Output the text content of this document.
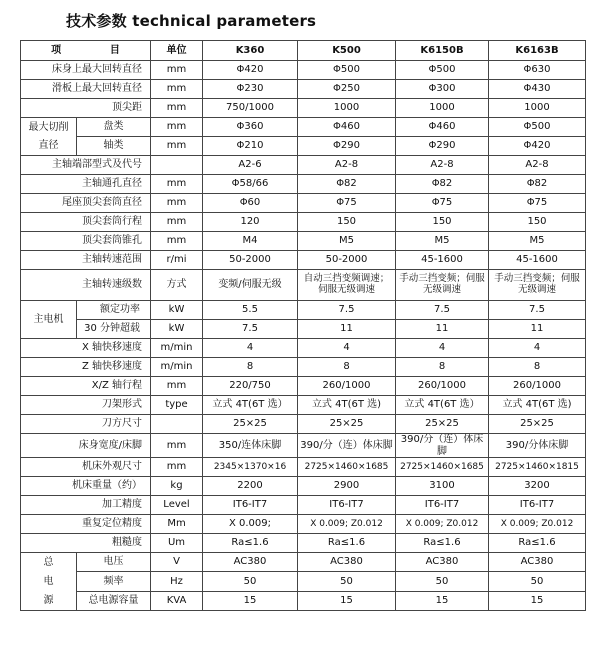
技术参数 technical parameters
项 目		单位	K360	K500	K6150B	K6163B
床身上最大回转直径		mm	Φ420	Φ500	Φ500	Φ630
滑板上最大回转直径		mm	Φ230	Φ250	Φ300	Φ430
顶尖距		mm	750/1000	1000	1000	1000
最大切削	盘类	mm	Φ360	Φ460	Φ460	Φ500
直径	轴类	mm	Φ210	Φ290	Φ290	Φ420
主轴端部型式及代号			A2-6	A2-8	A2-8	A2-8
主轴通孔直径		mm	Φ58/66	Φ82	Φ82	Φ82
尾座顶尖套筒直径		mm	Φ60	Φ75	Φ75	Φ75
顶尖套筒行程		mm	120	150	150	150
顶尖套筒锥孔		mm	M4	M5	M5	M5
主轴转速范围		r/mi	50-2000	50-2000	45-1600	45-1600
主轴转速级数		方式	变频/伺服无级	自动三挡变频调速；伺服无级调速	手动三挡变频；伺服无级调速	手动三挡变频；伺服无级调速
主电机	额定功率	kW	5.5	7.5	7.5	7.5
	30 分钟超载	kW	7.5	11	11	11
X 轴快移速度		m/min	4	4	4	4
Z 轴快移速度		m/min	8	8	8	8
X/Z 轴行程		mm	220/750	260/1000	260/1000	260/1000
刀架形式		type	立式 4T(6T 选）	立式 4T(6T 选)	立式 4T(6T 选）	立式 4T(6T 选)
刀方尺寸			25×25	25×25	25×25	25×25
床身宽度/床脚		mm	350/连体床脚	390/分（连）体床脚	390/分（连）体床脚	390/分体床脚
机床外观尺寸		mm	2345×1370×16	2725×1460×1685	2725×1460×1685	2725×1460×1815
机床重量（约）		kg	2200	2900	3100	3200
加工精度		Level	IT6-IT7	IT6-IT7	IT6-IT7	IT6-IT7
重复定位精度		Mm	X 0.009;	X 0.009; Z0.012	X 0.009; Z0.012	X 0.009; Z0.012
粗糙度		Um	Ra≤1.6	Ra≤1.6	Ra≤1.6	Ra≤1.6

总
电
源	电压	V	AC380	AC380	AC380	AC380
	频率	Hz	50	50	50	50
	总电源容量	KVA	15	15	15	15
